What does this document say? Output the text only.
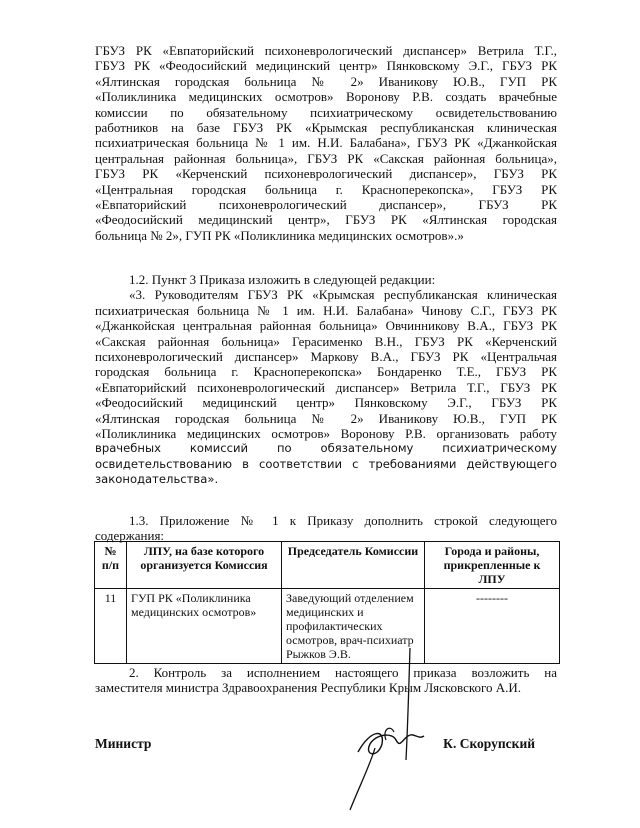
ГБУЗ РК «Евпаторийский психоневрологический диспансер» Ветрила Т.Г.,
ГБУЗ РК «Феодосийский медицинский центр» Пянковскому Э.Г., ГБУЗ РК
«Ялтинская городская больница № 2» Иваникову Ю.В., ГУП РК
«Поликлиника медицинских осмотров» Воронову Р.В. создать врачебные
комиссии по обязательному психиатрическому освидетельствованию
работников на базе ГБУЗ РК «Крымская республиканская клиническая
психиатрическая больница № 1 им. Н.И. Балабана», ГБУЗ РК «Джанкойская
центральная районная больница», ГБУЗ РК «Сакская районная больница»,
ГБУЗ РК «Керченский психоневрологический диспансер», ГБУЗ РК
«Центральная городская больница г. Красноперекопска», ГБУЗ РК
«Евпаторийский психоневрологический диспансер», ГБУЗ РК
«Феодосийский медицинский центр», ГБУЗ РК «Ялтинская городская
больница № 2», ГУП РК «Поликлиника медицинских осмотров».»
1.2. Пункт 3 Приказа изложить в следующей редакции:
«3. Руководителям ГБУЗ РК «Крымская республиканская клиническая
психиатрическая больница № 1 им. Н.И. Балабана» Чинову С.Г., ГБУЗ РК
«Джанкойская центральная районная больница» Овчинникову В.А., ГБУЗ РК
«Сакская районная больница» Герасименко В.Н., ГБУЗ РК «Керченский
психоневрологический диспансер» Маркову В.А., ГБУЗ РК «Центральчая
городская больница г. Красноперекопска» Бондаренко Т.Е., ГБУЗ РК
«Евпаторийский психоневрологический диспансер» Ветрила Т.Г., ГБУЗ РК
«Феодосийский медицинский центр» Пянковскому Э.Г., ГБУЗ РК
«Ялтинская городская больница № 2» Иваникову Ю.В., ГУП РК
«Поликлиника медицинских осмотров» Воронову Р.В. организовать работу
врачебных комиссий по обязательному психиатрическому
освидетельствованию в соответствии с требованиями действующего
законодательства».
1.3. Приложение № 1 к Приказу дополнить строкой следующего
содержания:
№ п/п	ЛПУ, на базе которого организуется Комиссия	Председатель Комиссии	Города и районы, прикрепленные к ЛПУ
11	ГУП РК «Поликлиника медицинских осмотров»	Заведующий отделением медицинских и профилактических осмотров, врач-психиатр Рыжков Э.В.	--------
2. Контроль за исполнением настоящего приказа возложить на
заместителя министра Здравоохранения Республики Крым Лясковского А.И.
Министр	К. Скорупский
